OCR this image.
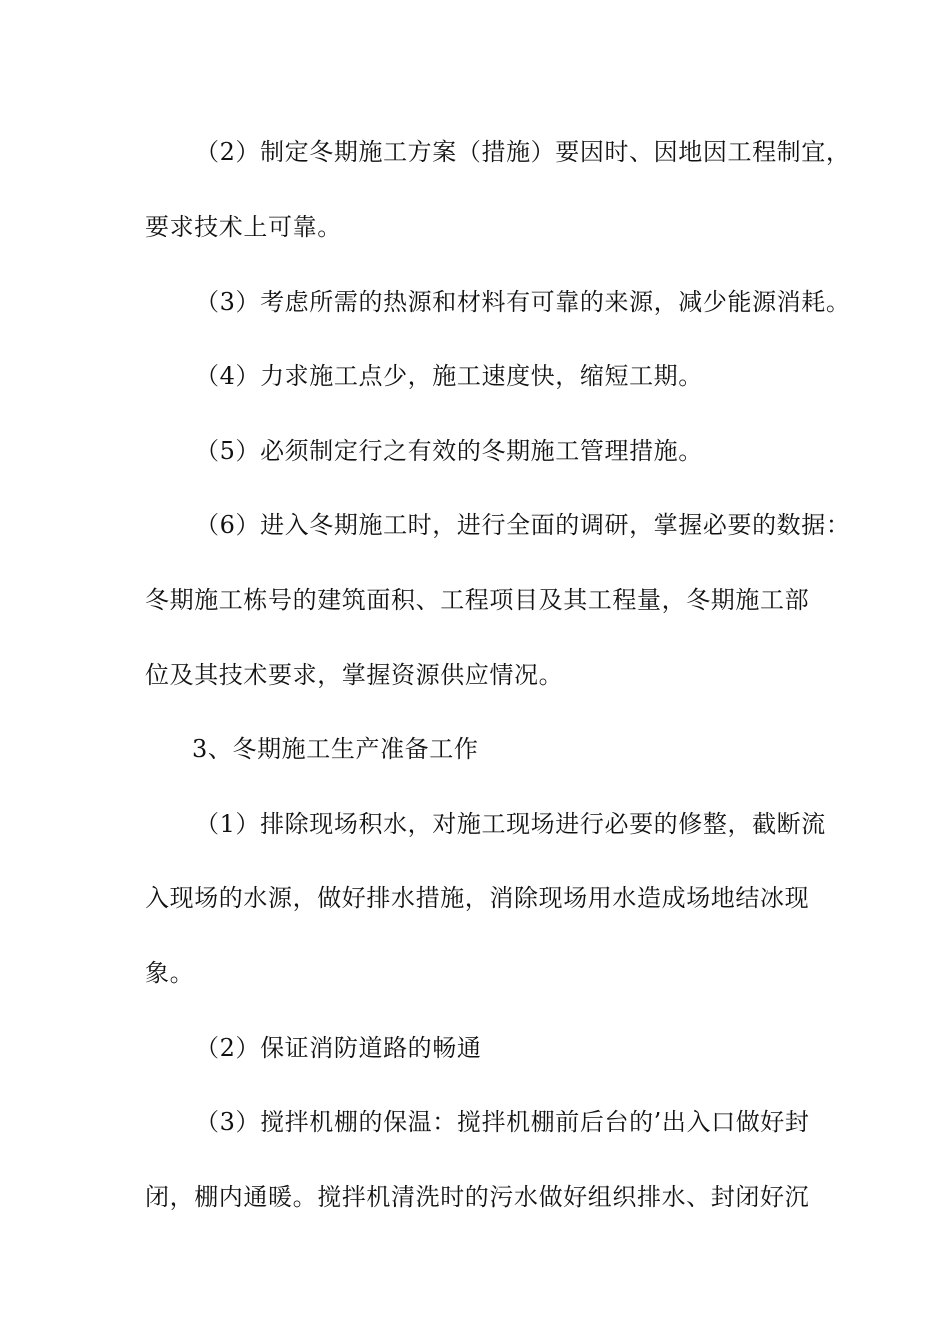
（2）制定冬期施工方案（措施）要因时、因地因工程制宜，
要求技术上可靠。
（3）考虑所需的热源和材料有可靠的来源，减少能源消耗。
（4）力求施工点少，施工速度快，缩短工期。
（5）必须制定行之有效的冬期施工管理措施。
（6）进入冬期施工时，进行全面的调研，掌握必要的数据：
冬期施工栋号的建筑面积、工程项目及其工程量，冬期施工部
位及其技术要求，掌握资源供应情况。
3、冬期施工生产准备工作
（1）排除现场积水，对施工现场进行必要的修整，截断流
入现场的水源，做好排水措施，消除现场用水造成场地结冰现
象。
（2）保证消防道路的畅通
（3）搅拌机棚的保温：搅拌机棚前后台的’出入口做好封
闭，棚内通暖。搅拌机清洗时的污水做好组织排水、封闭好沉
